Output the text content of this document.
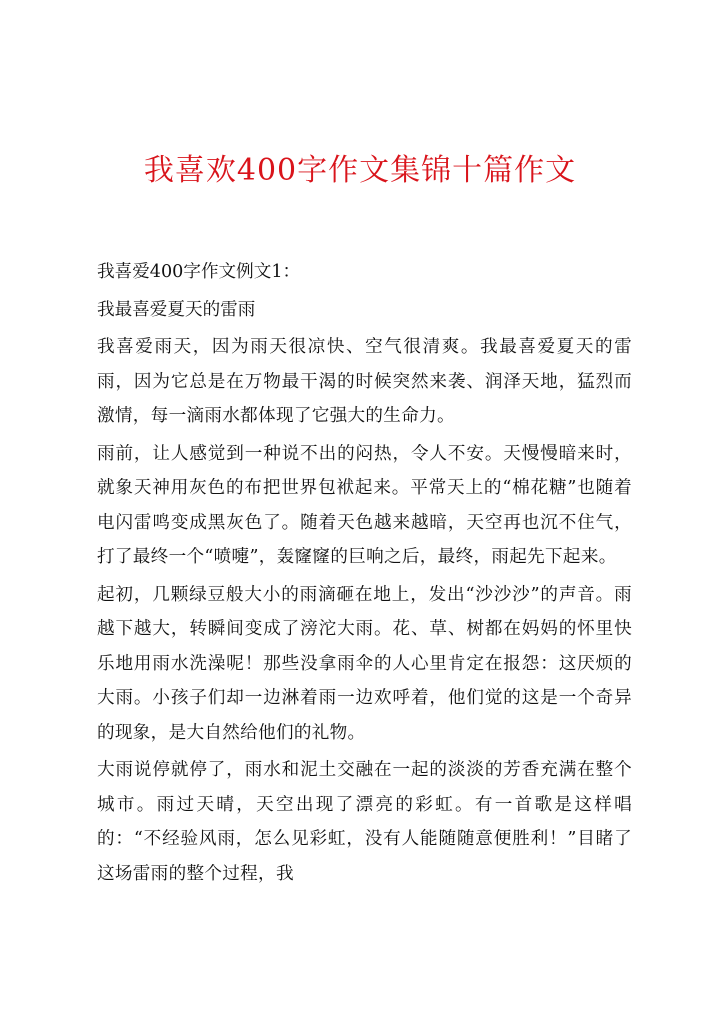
我喜欢400字作文集锦十篇作文

我喜爱400字作文例文1：

我最喜爱夏天的雷雨

我喜爱雨天，因为雨天很凉快、空气很清爽。我最喜爱夏天的雷雨，因为它总是在万物最干渴的时候突然来袭、润泽天地，猛烈而激情，每一滴雨水都体现了它强大的生命力。

雨前，让人感觉到一种说不出的闷热，令人不安。天慢慢暗来时，就象天神用灰色的布把世界包袱起来。平常天上的“棉花糖”也随着电闪雷鸣变成黑灰色了。随着天色越来越暗，天空再也沉不住气，打了最终一个“喷嚏”，轰窿窿的巨响之后，最终，雨起先下起来。

起初，几颗绿豆般大小的雨滴砸在地上，发出“沙沙沙”的声音。雨越下越大，转瞬间变成了滂沱大雨。花、草、树都在妈妈的怀里快乐地用雨水洗澡呢！那些没拿雨伞的人心里肯定在报怨：这厌烦的大雨。小孩子们却一边淋着雨一边欢呼着，他们觉的这是一个奇异的现象，是大自然给他们的礼物。

大雨说停就停了，雨水和泥土交融在一起的淡淡的芳香充满在整个城市。雨过天晴，天空出现了漂亮的彩虹。有一首歌是这样唱的：“不经验风雨，怎么见彩虹，没有人能随随意便胜利！”目睹了这场雷雨的整个过程，我
